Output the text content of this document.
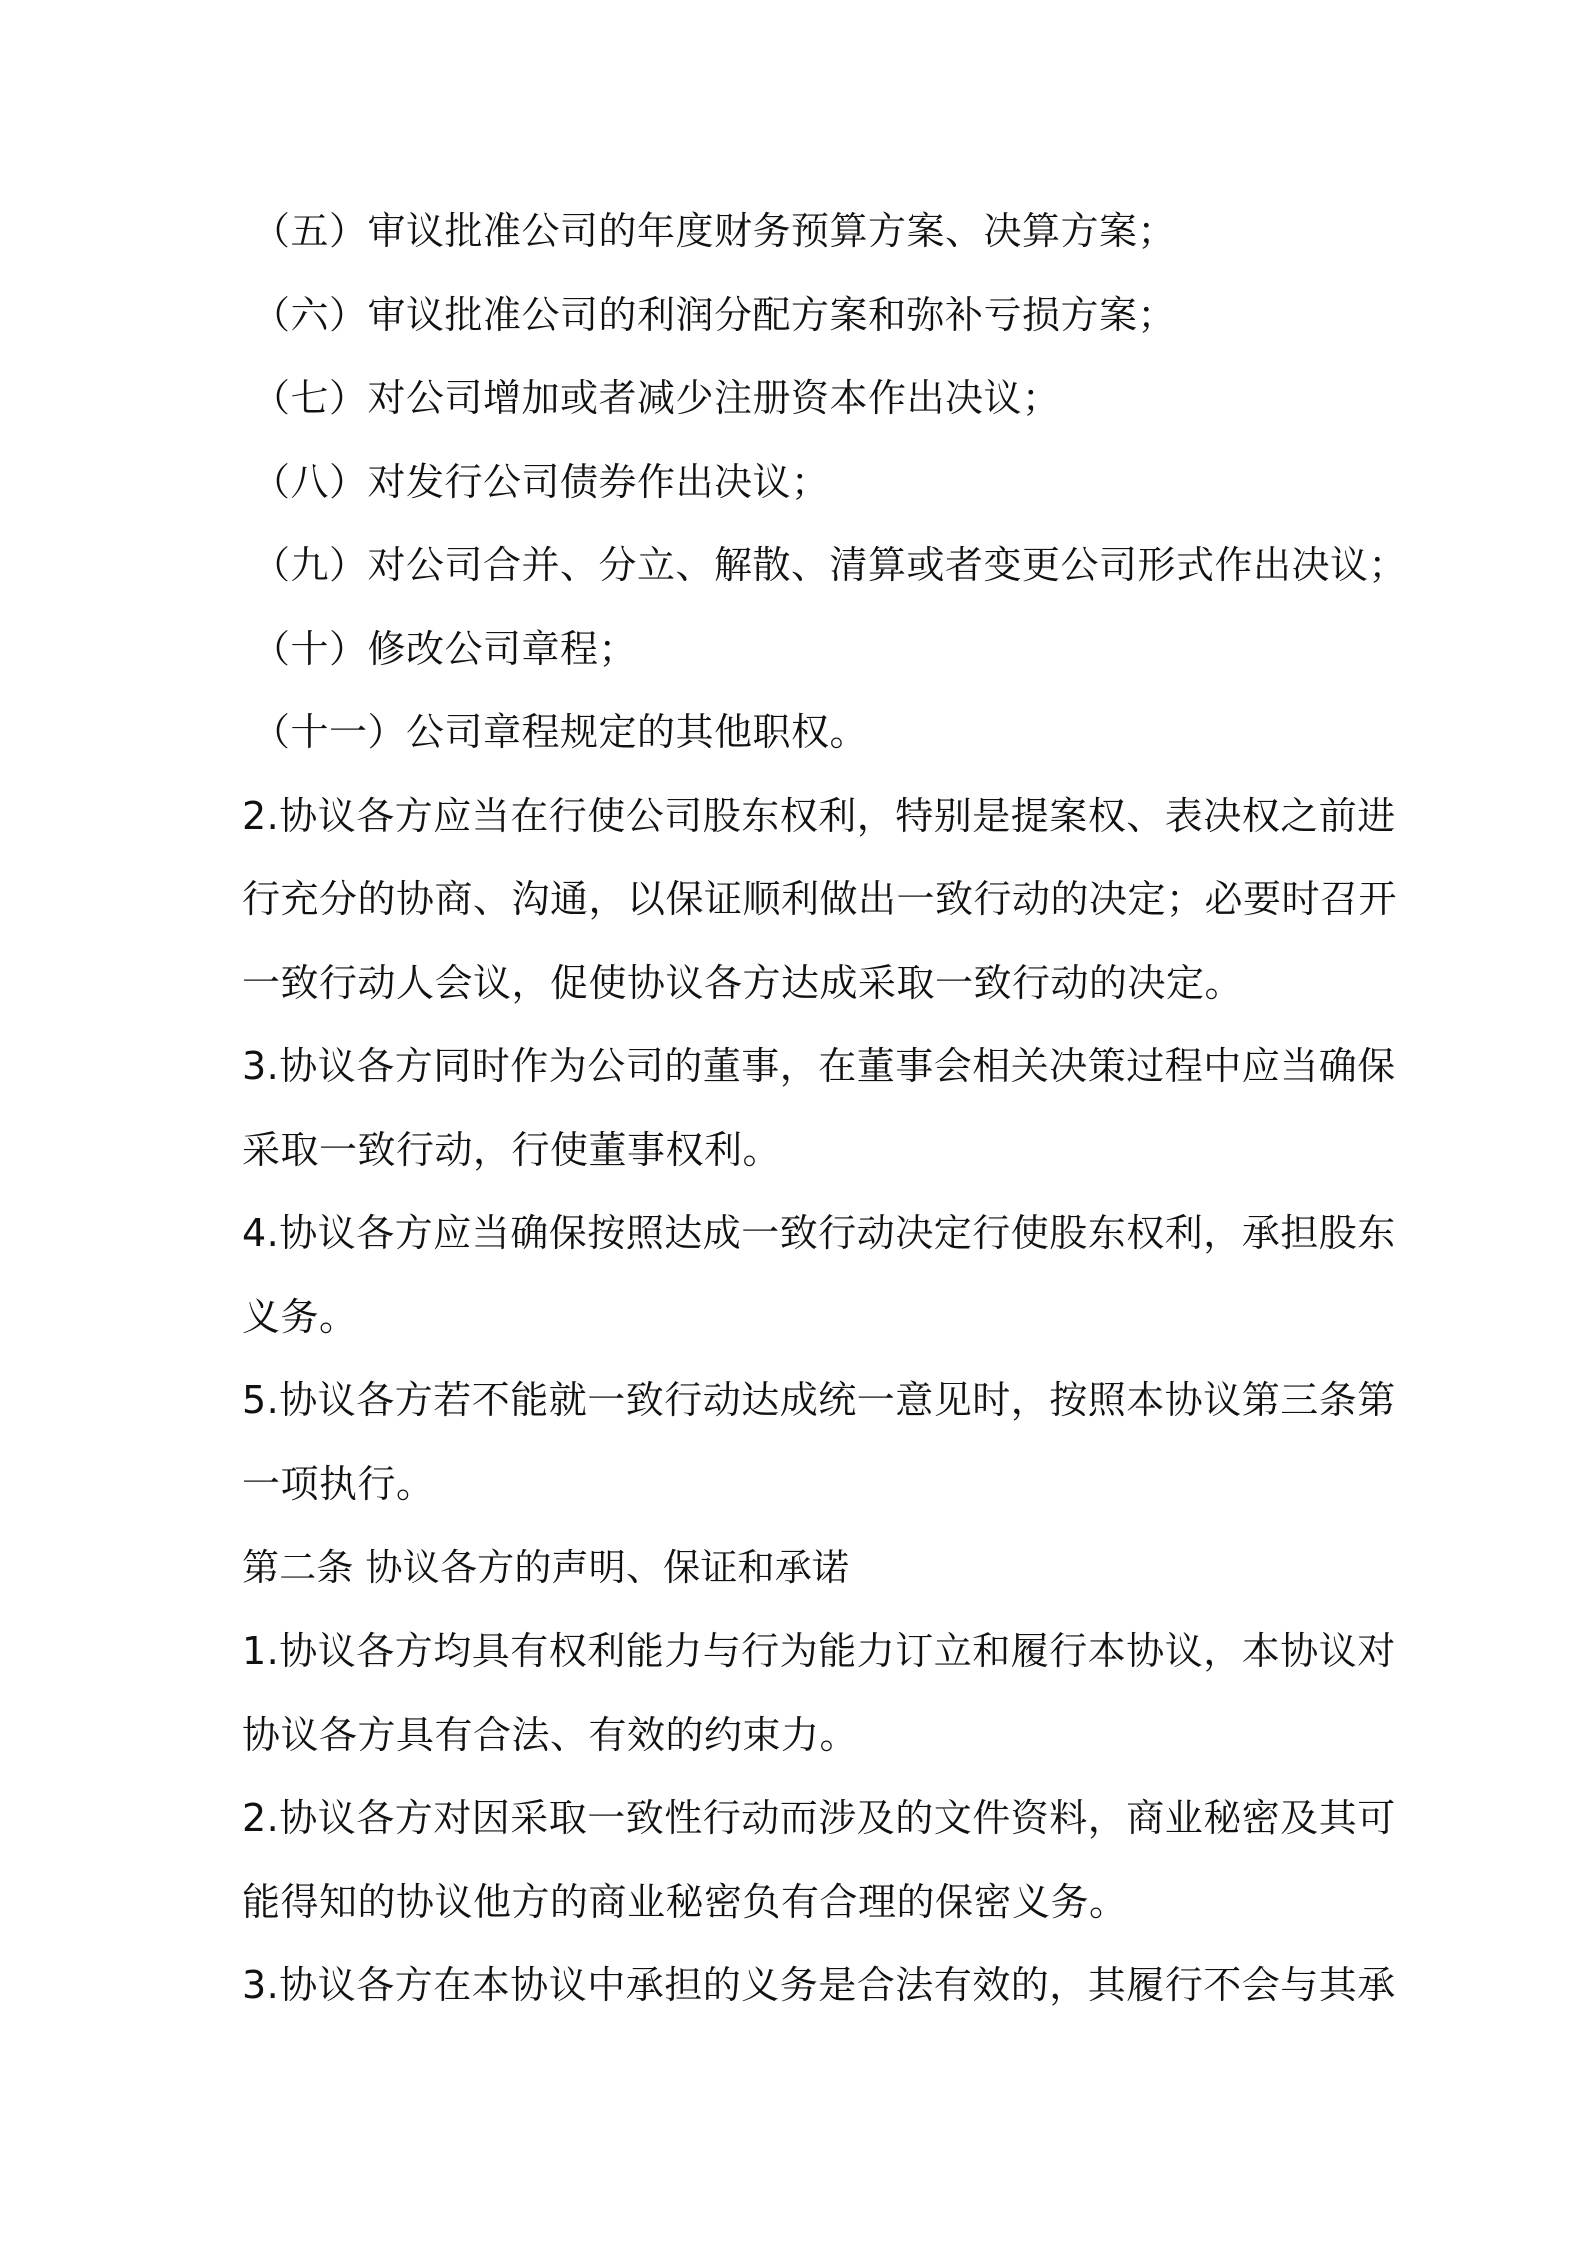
（五）审议批准公司的年度财务预算方案、决算方案；
（六）审议批准公司的利润分配方案和弥补亏损方案；
（七）对公司增加或者减少注册资本作出决议；
（八）对发行公司债券作出决议；
（九）对公司合并、分立、解散、清算或者变更公司形式作出决议；
（十）修改公司章程；
（十一）公司章程规定的其他职权。
2.协议各方应当在行使公司股东权利，特别是提案权、表决权之前进
行充分的协商、沟通，以保证顺利做出一致行动的决定；必要时召开
一致行动人会议，促使协议各方达成采取一致行动的决定。
3.协议各方同时作为公司的董事，在董事会相关决策过程中应当确保
采取一致行动，行使董事权利。
4.协议各方应当确保按照达成一致行动决定行使股东权利，承担股东
义务。
5.协议各方若不能就一致行动达成统一意见时，按照本协议第三条第
一项执行。
第二条 协议各方的声明、保证和承诺
1.协议各方均具有权利能力与行为能力订立和履行本协议，本协议对
协议各方具有合法、有效的约束力。
2.协议各方对因采取一致性行动而涉及的文件资料，商业秘密及其可
能得知的协议他方的商业秘密负有合理的保密义务。
3.协议各方在本协议中承担的义务是合法有效的，其履行不会与其承
